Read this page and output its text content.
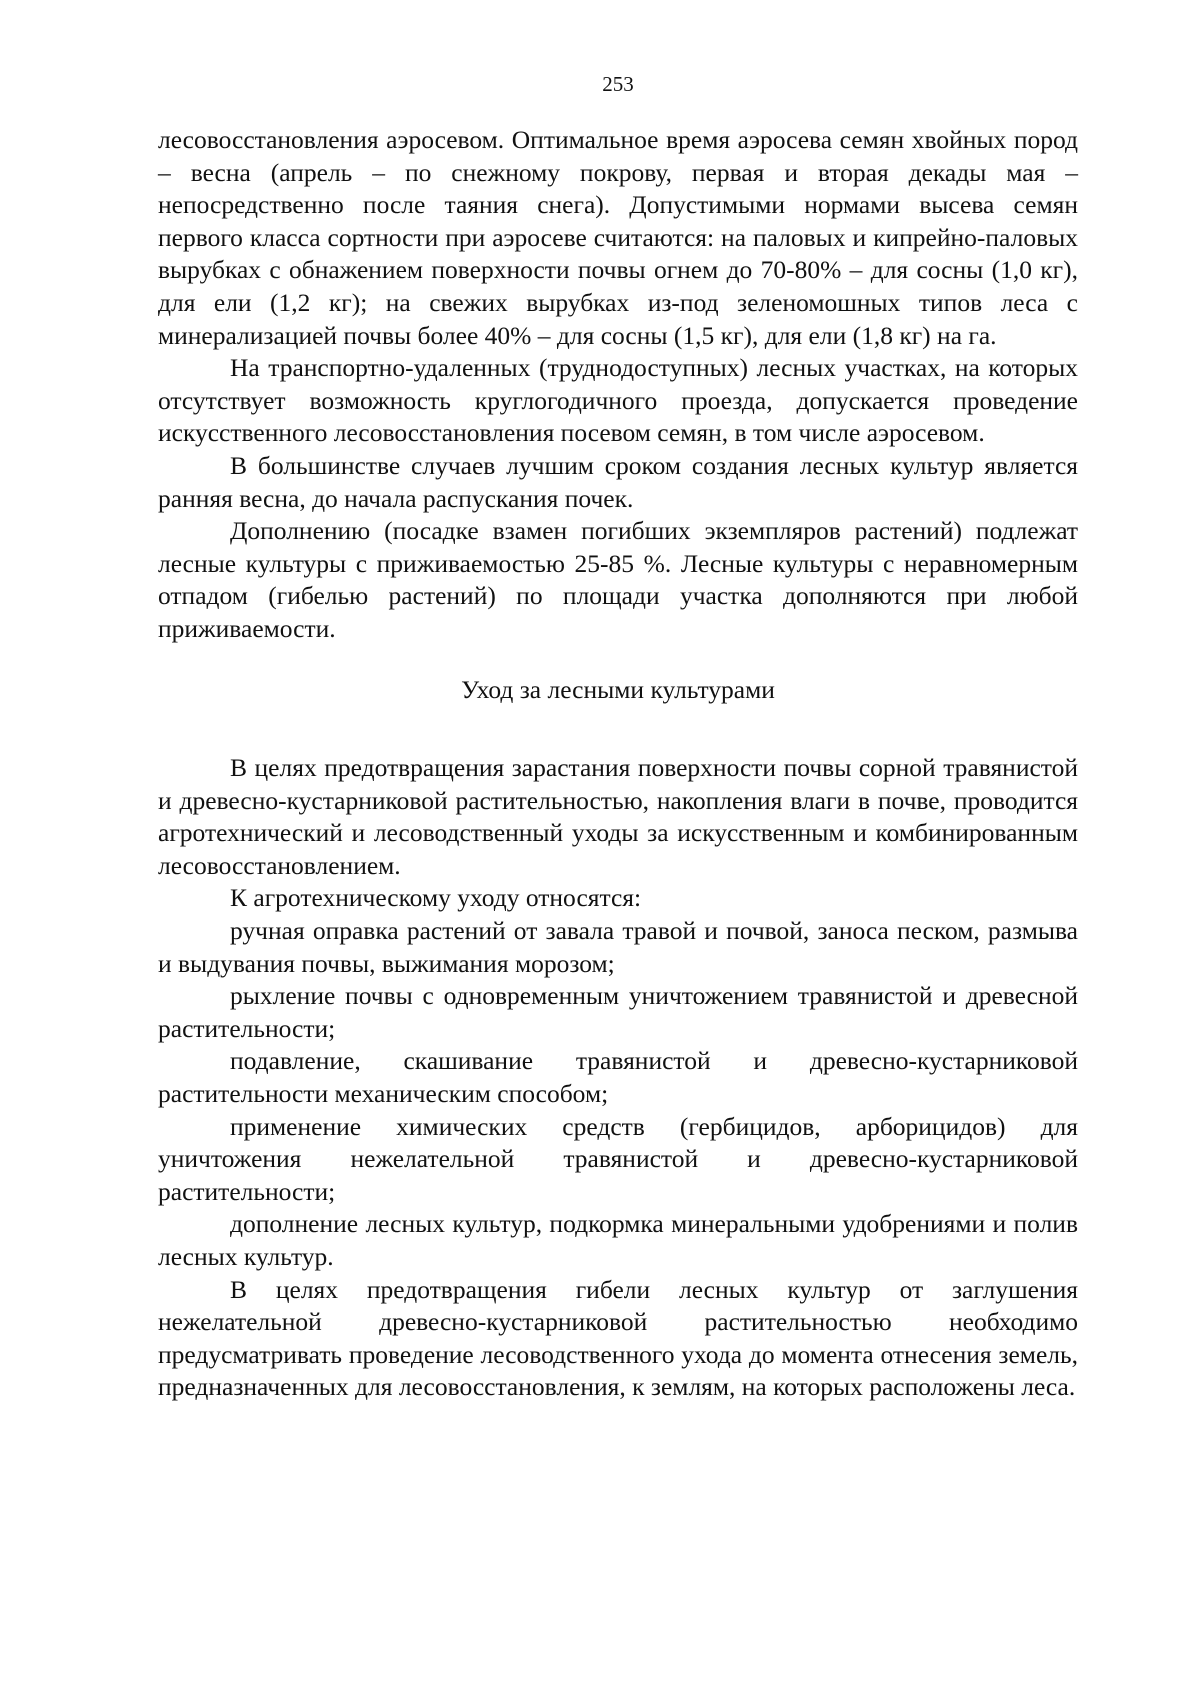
253

лесовосстановления аэросевом. Оптимальное время аэросева семян хвойных пород – весна (апрель – по снежному покрову, первая и вторая декады мая – непосредственно после таяния снега). Допустимыми нормами высева семян первого класса сортности при аэросеве считаются: на паловых и кипрейно-паловых вырубках с обнажением поверхности почвы огнем до 70-80% – для сосны (1,0 кг), для ели (1,2 кг); на свежих вырубках из-под зеленомошных типов леса с минерализацией почвы более 40% – для сосны (1,5 кг), для ели (1,8 кг) на га.

На транспортно-удаленных (труднодоступных) лесных участках, на которых отсутствует возможность круглогодичного проезда, допускается проведение искусственного лесовосстановления посевом семян, в том числе аэросевом.

В большинстве случаев лучшим сроком создания лесных культур является ранняя весна, до начала распускания почек.

Дополнению (посадке взамен погибших экземпляров растений) подлежат лесные культуры с приживаемостью 25-85 %. Лесные культуры с неравномерным отпадом (гибелью растений) по площади участка дополняются при любой приживаемости.

Уход за лесными культурами

В целях предотвращения зарастания поверхности почвы сорной травянистой и древесно-кустарниковой растительностью, накопления влаги в почве, проводится агротехнический и лесоводственный уходы за искусственным и комбинированным лесовосстановлением.

К агротехническому уходу относятся:

ручная оправка растений от завала травой и почвой, заноса песком, размыва и выдувания почвы, выжимания морозом;

рыхление почвы с одновременным уничтожением травянистой и древесной растительности;

подавление, скашивание травянистой и древесно-кустарниковой растительности механическим способом;

применение химических средств (гербицидов, арборицидов) для уничтожения нежелательной травянистой и древесно-кустарниковой растительности;

дополнение лесных культур, подкормка минеральными удобрениями и полив лесных культур.

В целях предотвращения гибели лесных культур от заглушения нежелательной древесно-кустарниковой растительностью необходимо предусматривать проведение лесоводственного ухода до момента отнесения земель, предназначенных для лесовосстановления, к землям, на которых расположены леса.
